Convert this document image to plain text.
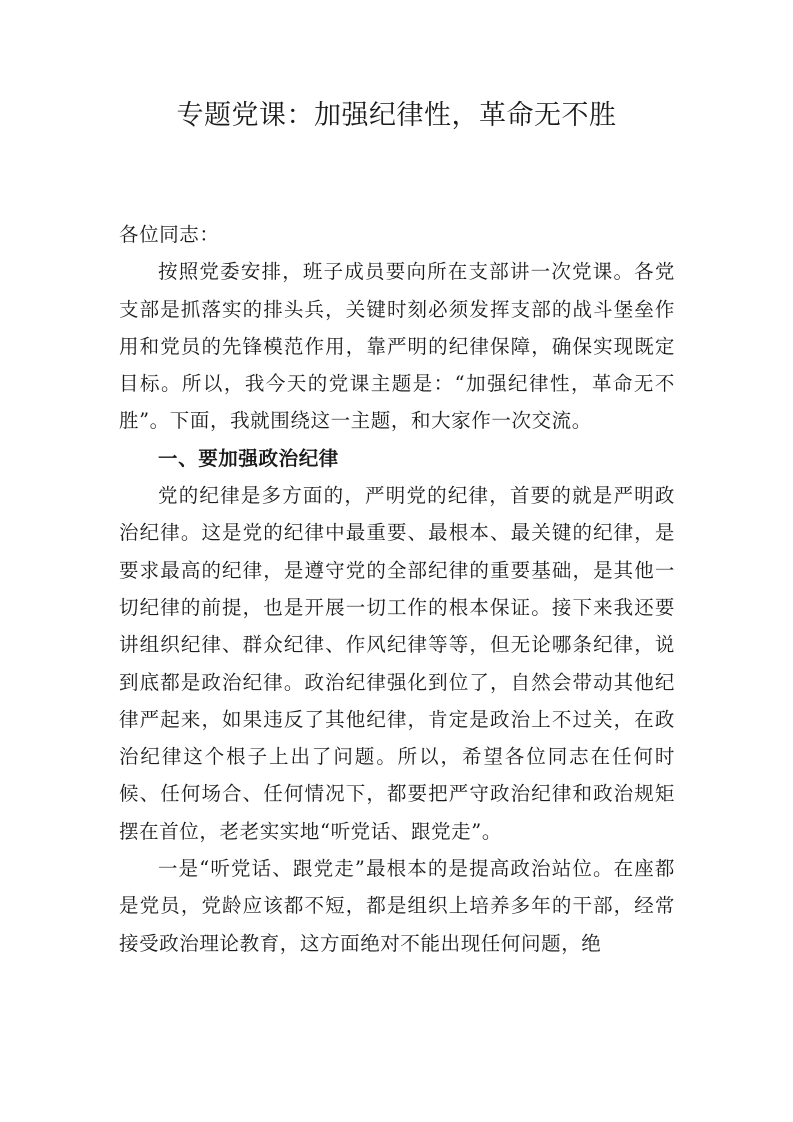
专题党课：加强纪律性，革命无不胜

各位同志：

按照党委安排，班子成员要向所在支部讲一次党课。各党支部是抓落实的排头兵，关键时刻必须发挥支部的战斗堡垒作用和党员的先锋模范作用，靠严明的纪律保障，确保实现既定目标。所以，我今天的党课主题是：“加强纪律性，革命无不胜”。下面，我就围绕这一主题，和大家作一次交流。

一、要加强政治纪律

党的纪律是多方面的，严明党的纪律，首要的就是严明政治纪律。这是党的纪律中最重要、最根本、最关键的纪律，是要求最高的纪律，是遵守党的全部纪律的重要基础，是其他一切纪律的前提，也是开展一切工作的根本保证。接下来我还要讲组织纪律、群众纪律、作风纪律等等，但无论哪条纪律，说到底都是政治纪律。政治纪律强化到位了，自然会带动其他纪律严起来，如果违反了其他纪律，肯定是政治上不过关，在政治纪律这个根子上出了问题。所以，希望各位同志在任何时候、任何场合、任何情况下，都要把严守政治纪律和政治规矩摆在首位，老老实实地“听党话、跟党走”。

一是“听党话、跟党走”最根本的是提高政治站位。在座都是党员，党龄应该都不短，都是组织上培养多年的干部，经常接受政治理论教育，这方面绝对不能出现任何问题，绝
